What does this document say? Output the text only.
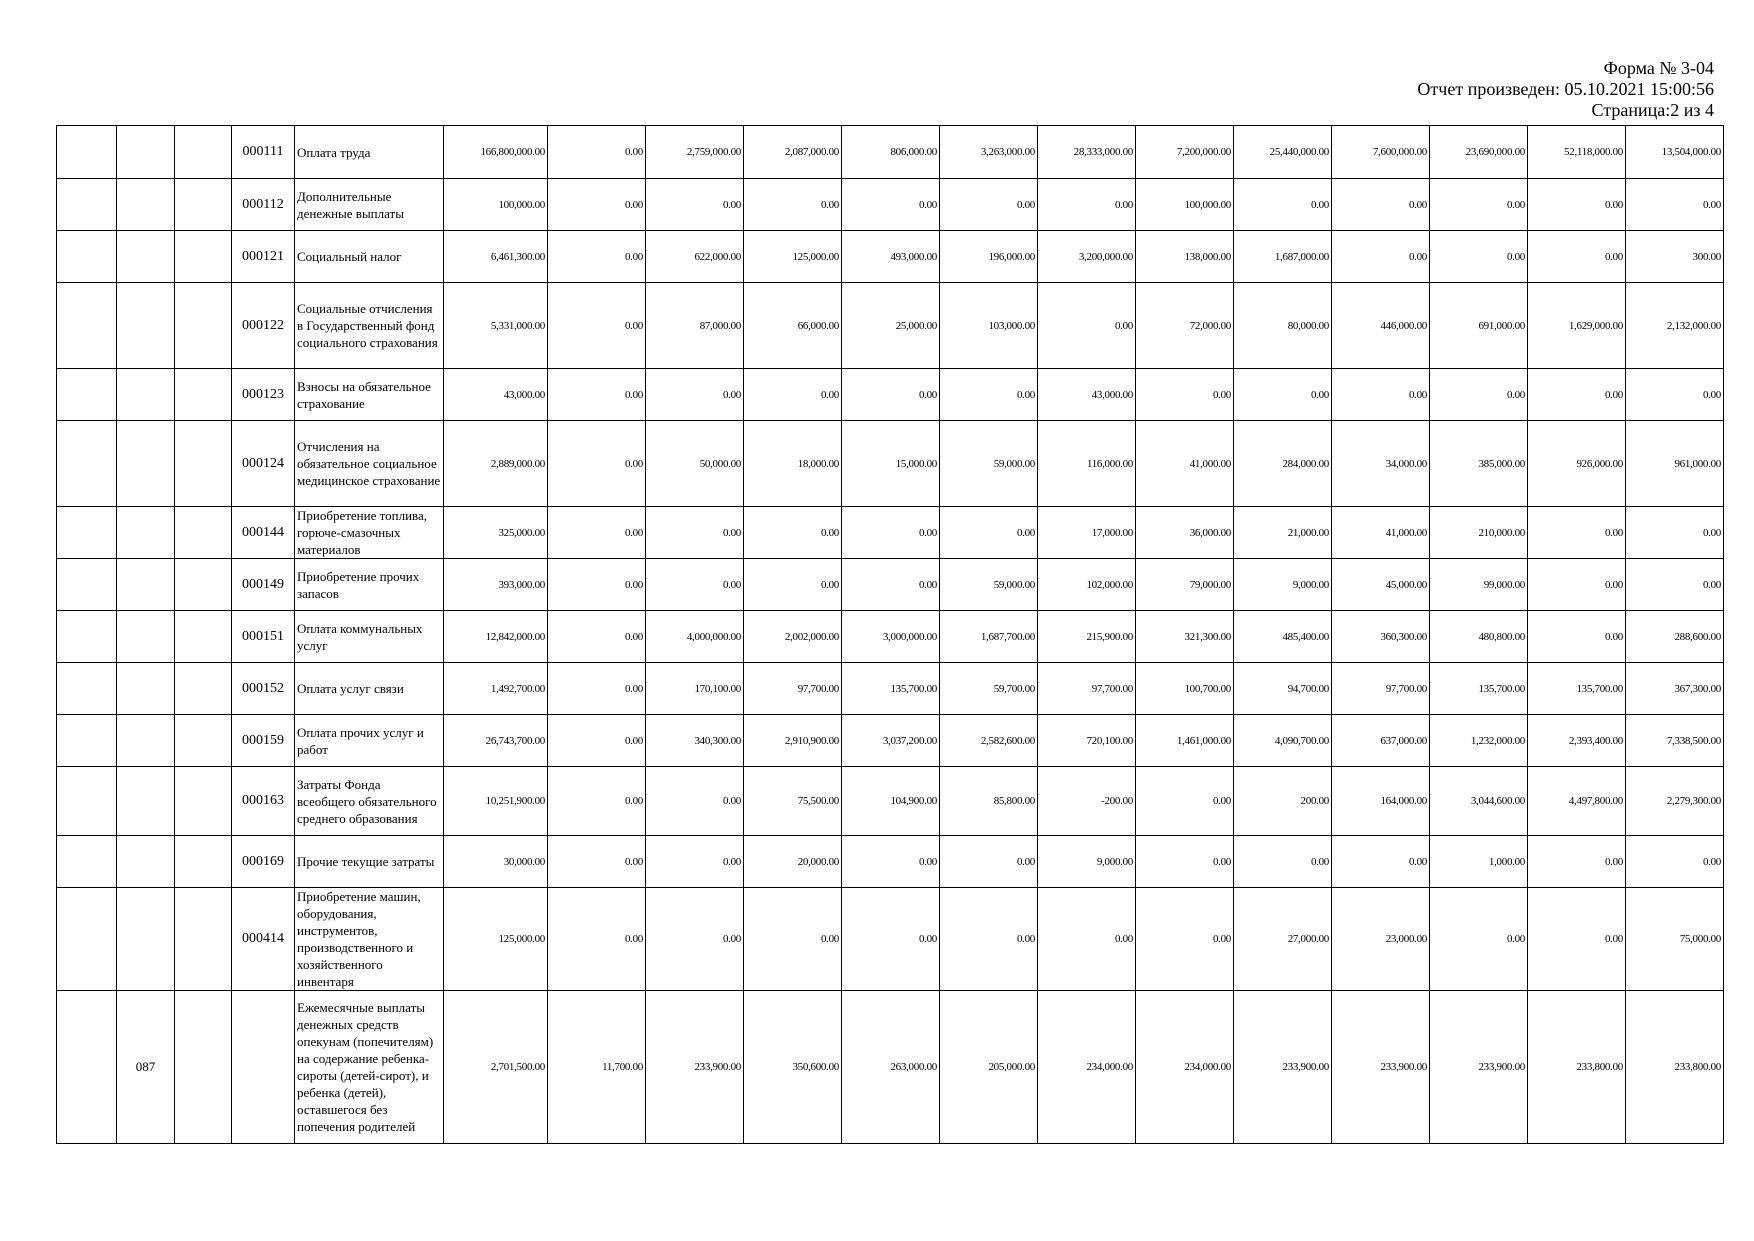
Форма № 3-04
Отчет произведен: 05.10.2021 15:00:56
Страница:2 из 4
			000111	Оплата труда	166,800,000.00	0.00	2,759,000.00	2,087,000.00	806,000.00	3,263,000.00	28,333,000.00	7,200,000.00	25,440,000.00	7,600,000.00	23,690,000.00	52,118,000.00	13,504,000.00
			000112	Дополнительные денежные выплаты	100,000.00	0.00	0.00	0.00	0.00	0.00	0.00	100,000.00	0.00	0.00	0.00	0.00	0.00
			000121	Социальный налог	6,461,300.00	0.00	622,000.00	125,000.00	493,000.00	196,000.00	3,200,000.00	138,000.00	1,687,000.00	0.00	0.00	0.00	300.00
			000122	Социальные отчисления в Государственный фонд социального страхования	5,331,000.00	0.00	87,000.00	66,000.00	25,000.00	103,000.00	0.00	72,000.00	80,000.00	446,000.00	691,000.00	1,629,000.00	2,132,000.00
			000123	Взносы на обязательное страхование	43,000.00	0.00	0.00	0.00	0.00	0.00	43,000.00	0.00	0.00	0.00	0.00	0.00	0.00
			000124	Отчисления на обязательное социальное медицинское страхование	2,889,000.00	0.00	50,000.00	18,000.00	15,000.00	59,000.00	116,000.00	41,000.00	284,000.00	34,000.00	385,000.00	926,000.00	961,000.00
			000144	Приобретение топлива, горюче-смазочных материалов	325,000.00	0.00	0.00	0.00	0.00	0.00	17,000.00	36,000.00	21,000.00	41,000.00	210,000.00	0.00	0.00
			000149	Приобретение прочих запасов	393,000.00	0.00	0.00	0.00	0.00	59,000.00	102,000.00	79,000.00	9,000.00	45,000.00	99,000.00	0.00	0.00
			000151	Оплата коммунальных услуг	12,842,000.00	0.00	4,000,000.00	2,002,000.00	3,000,000.00	1,687,700.00	215,900.00	321,300.00	485,400.00	360,300.00	480,800.00	0.00	288,600.00
			000152	Оплата услуг связи	1,492,700.00	0.00	170,100.00	97,700.00	135,700.00	59,700.00	97,700.00	100,700.00	94,700.00	97,700.00	135,700.00	135,700.00	367,300.00
			000159	Оплата прочих услуг и работ	26,743,700.00	0.00	340,300.00	2,910,900.00	3,037,200.00	2,582,600.00	720,100.00	1,461,000.00	4,090,700.00	637,000.00	1,232,000.00	2,393,400.00	7,338,500.00
			000163	Затраты Фонда всеобщего обязательного среднего образования	10,251,900.00	0.00	0.00	75,500.00	104,900.00	85,800.00	-200.00	0.00	200.00	164,000.00	3,044,600.00	4,497,800.00	2,279,300.00
			000169	Прочие текущие затраты	30,000.00	0.00	0.00	20,000.00	0.00	0.00	9,000.00	0.00	0.00	0.00	1,000.00	0.00	0.00
			000414	Приобретение машин, оборудования, инструментов, производственного и хозяйственного инвентаря	125,000.00	0.00	0.00	0.00	0.00	0.00	0.00	0.00	27,000.00	23,000.00	0.00	0.00	75,000.00
	087			Ежемесячные выплаты денежных средств опекунам (попечителям) на содержание ребенка-сироты (детей-сирот), и ребенка (детей), оставшегося без попечения родителей	2,701,500.00	11,700.00	233,900.00	350,600.00	263,000.00	205,000.00	234,000.00	234,000.00	233,900.00	233,900.00	233,900.00	233,800.00	233,800.00
